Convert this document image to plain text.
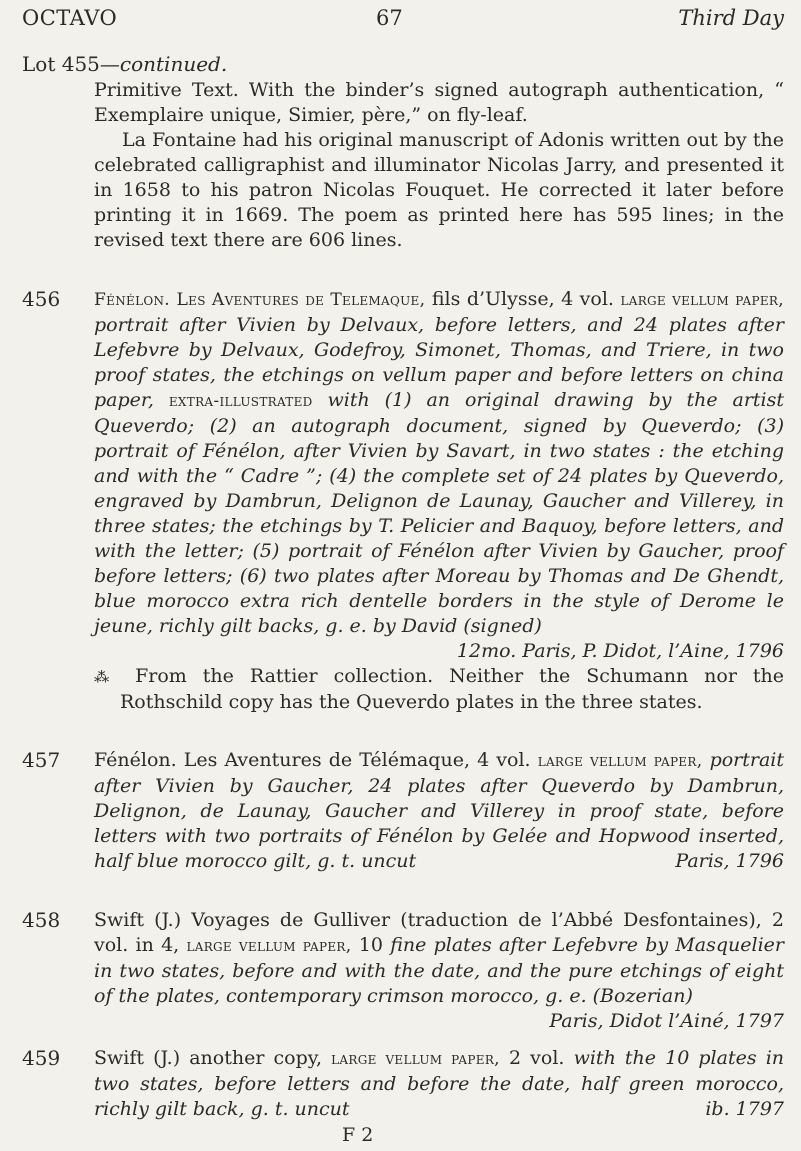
OCTAVO	67	Third Day
Lot 455—continued.

Primitive Text. With the binder’s signed autograph authentication, “ Exemplaire unique, Simier, père,” on fly-leaf.

La Fontaine had his original manuscript of Adonis written out by the celebrated calligraphist and illuminator Nicolas Jarry, and presented it in 1658 to his patron Nicolas Fouquet. He corrected it later before printing it in 1669. The poem as printed here has 595 lines; in the revised text there are 606 lines.

456 Fénélon. Les Aventures de Telemaque, fils d’Ulysse, 4 vol. large vellum paper, portrait after Vivien by Delvaux, before letters, and 24 plates after Lefebvre by Delvaux, Godefroy, Simonet, Thomas, and Triere, in two proof states, the etchings on vellum paper and before letters on china paper, extra-illustrated with (1) an original drawing by the artist Queverdo; (2) an autograph document, signed by Queverdo; (3) portrait of Fénélon, after Vivien by Savart, in two states : the etching and with the “ Cadre ”; (4) the complete set of 24 plates by Queverdo, engraved by Dambrun, Delignon de Launay, Gaucher and Villerey, in three states; the etchings by T. Pelicier and Baquoy, before letters, and with the letter; (5) portrait of Fénélon after Vivien by Gaucher, proof before letters; (6) two plates after Moreau by Thomas and De Ghendt, blue morocco extra rich dentelle borders in the style of Derome le jeune, richly gilt backs, g. e. by David (signed)

12mo. Paris, P. Didot, l’Aine, 1796

⁂ From the Rattier collection. Neither the Schumann nor the Rothschild copy has the Queverdo plates in the three states.

457 Fénélon. Les Aventures de Télémaque, 4 vol. large vellum paper, portrait after Vivien by Gaucher, 24 plates after Queverdo by Dambrun, Delignon, de Launay, Gaucher and Villerey in proof state, before letters with two portraits of Fénélon by Gelée and Hopwood inserted, half blue morocco gilt, g. t. uncut	Paris, 1796

458 Swift (J.) Voyages de Gulliver (traduction de l’Abbé Desfontaines), 2 vol. in 4, large vellum paper, 10 fine plates after Lefebvre by Masquelier in two states, before and with the date, and the pure etchings of eight of the plates, contemporary crimson morocco, g. e. (Bozerian)

Paris, Didot l’Ainé, 1797

459 Swift (J.) another copy, large vellum paper, 2 vol. with the 10 plates in two states, before letters and before the date, half green morocco, richly gilt back, g. t. uncut	ib. 1797

F 2
